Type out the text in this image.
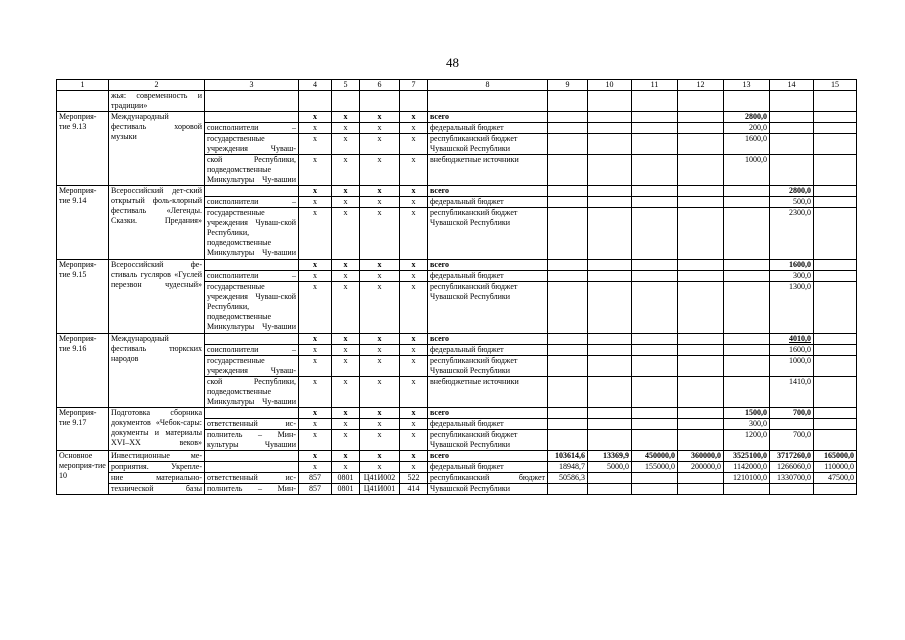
48
1	2	3	4	5	6	7	8	9	10	11	12	13	14	15
	жья: современность и традиции»													
Мероприя-тие 9.13	Международный фестиваль хоровой музыки		х	х	х	х	всего					2800,0		
		соисполнители –	х	х	х	х	федеральный бюджет					200,0		
		государственные учреждения Чуваш-	х	х	х	х	республиканский бюджет Чувашской Республики					1600,0		
		ской Республики, подведомственные Минкультуры Чу-вашии	х	х	х	х	внебюджетные источники					1000,0		
Мероприя-тие 9.14	Всероссийский дет-ский открытый фоль-клорный фестиваль «Легенды. Сказки. Предания»		х	х	х	х	всего						2800,0	
		соисполнители –	х	х	х	х	федеральный бюджет						500,0	
		государственные учреждения Чуваш-ской Республики, подведомственные Минкультуры Чу-вашии	х	х	х	х	республиканский бюджет Чувашской Республики						2300,0	
Мероприя-тие 9.15	Всероссийский фе-стиваль гусляров «Гуслей перезвон чудесный»		х	х	х	х	всего						1600,0	
		соисполнители –	х	х	х	х	федеральный бюджет						300,0	
		государственные учреждения Чуваш-ской Республики, подведомственные Минкультуры Чу-вашии	х	х	х	х	республиканский бюджет Чувашской Республики						1300,0	
Мероприя-тие 9.16	Международный фестиваль тюркских народов		х	х	х	х	всего						4010,0	
		соисполнители –	х	х	х	х	федеральный бюджет						1600,0	
		государственные учреждения Чуваш-	х	х	х	х	республиканский бюджет Чувашской Республики						1000,0	
		ской Республики, подведомственные Минкультуры Чу-вашии	х	х	х	х	внебюджетные источники						1410,0	
Мероприя-тие 9.17	Подготовка сборника документов «Чебок-сары: документы и материалы XVI–XX веков»		х	х	х	х	всего					1500,0	700,0	
		ответственный ис-	х	х	х	х	федеральный бюджет					300,0		
		полнитель – Мин-культуры Чувашии	х	х	х	х	республиканский бюджет Чувашской Республики					1200,0	700,0	
Основное мероприя-тие 10	Инвестиционные ме-		х	х	х	х	всего	103614,6	13369,9	450000,0	360000,0	3525100,0	3717260,0	165000,0
	роприятия. Укрепле-		х	х	х	х	федеральный бюджет	18948,7	5000,0	155000,0	200000,0	1142000,0	1266060,0	110000,0
	ние материально-	ответственный ис-	857	0801	Ц41И002	522	республиканский бюджет	50586,3				1210100,0	1330700,0	47500,0
	технической базы	полнитель – Мин-	857	0801	Ц41И001	414	Чувашской Республики							
